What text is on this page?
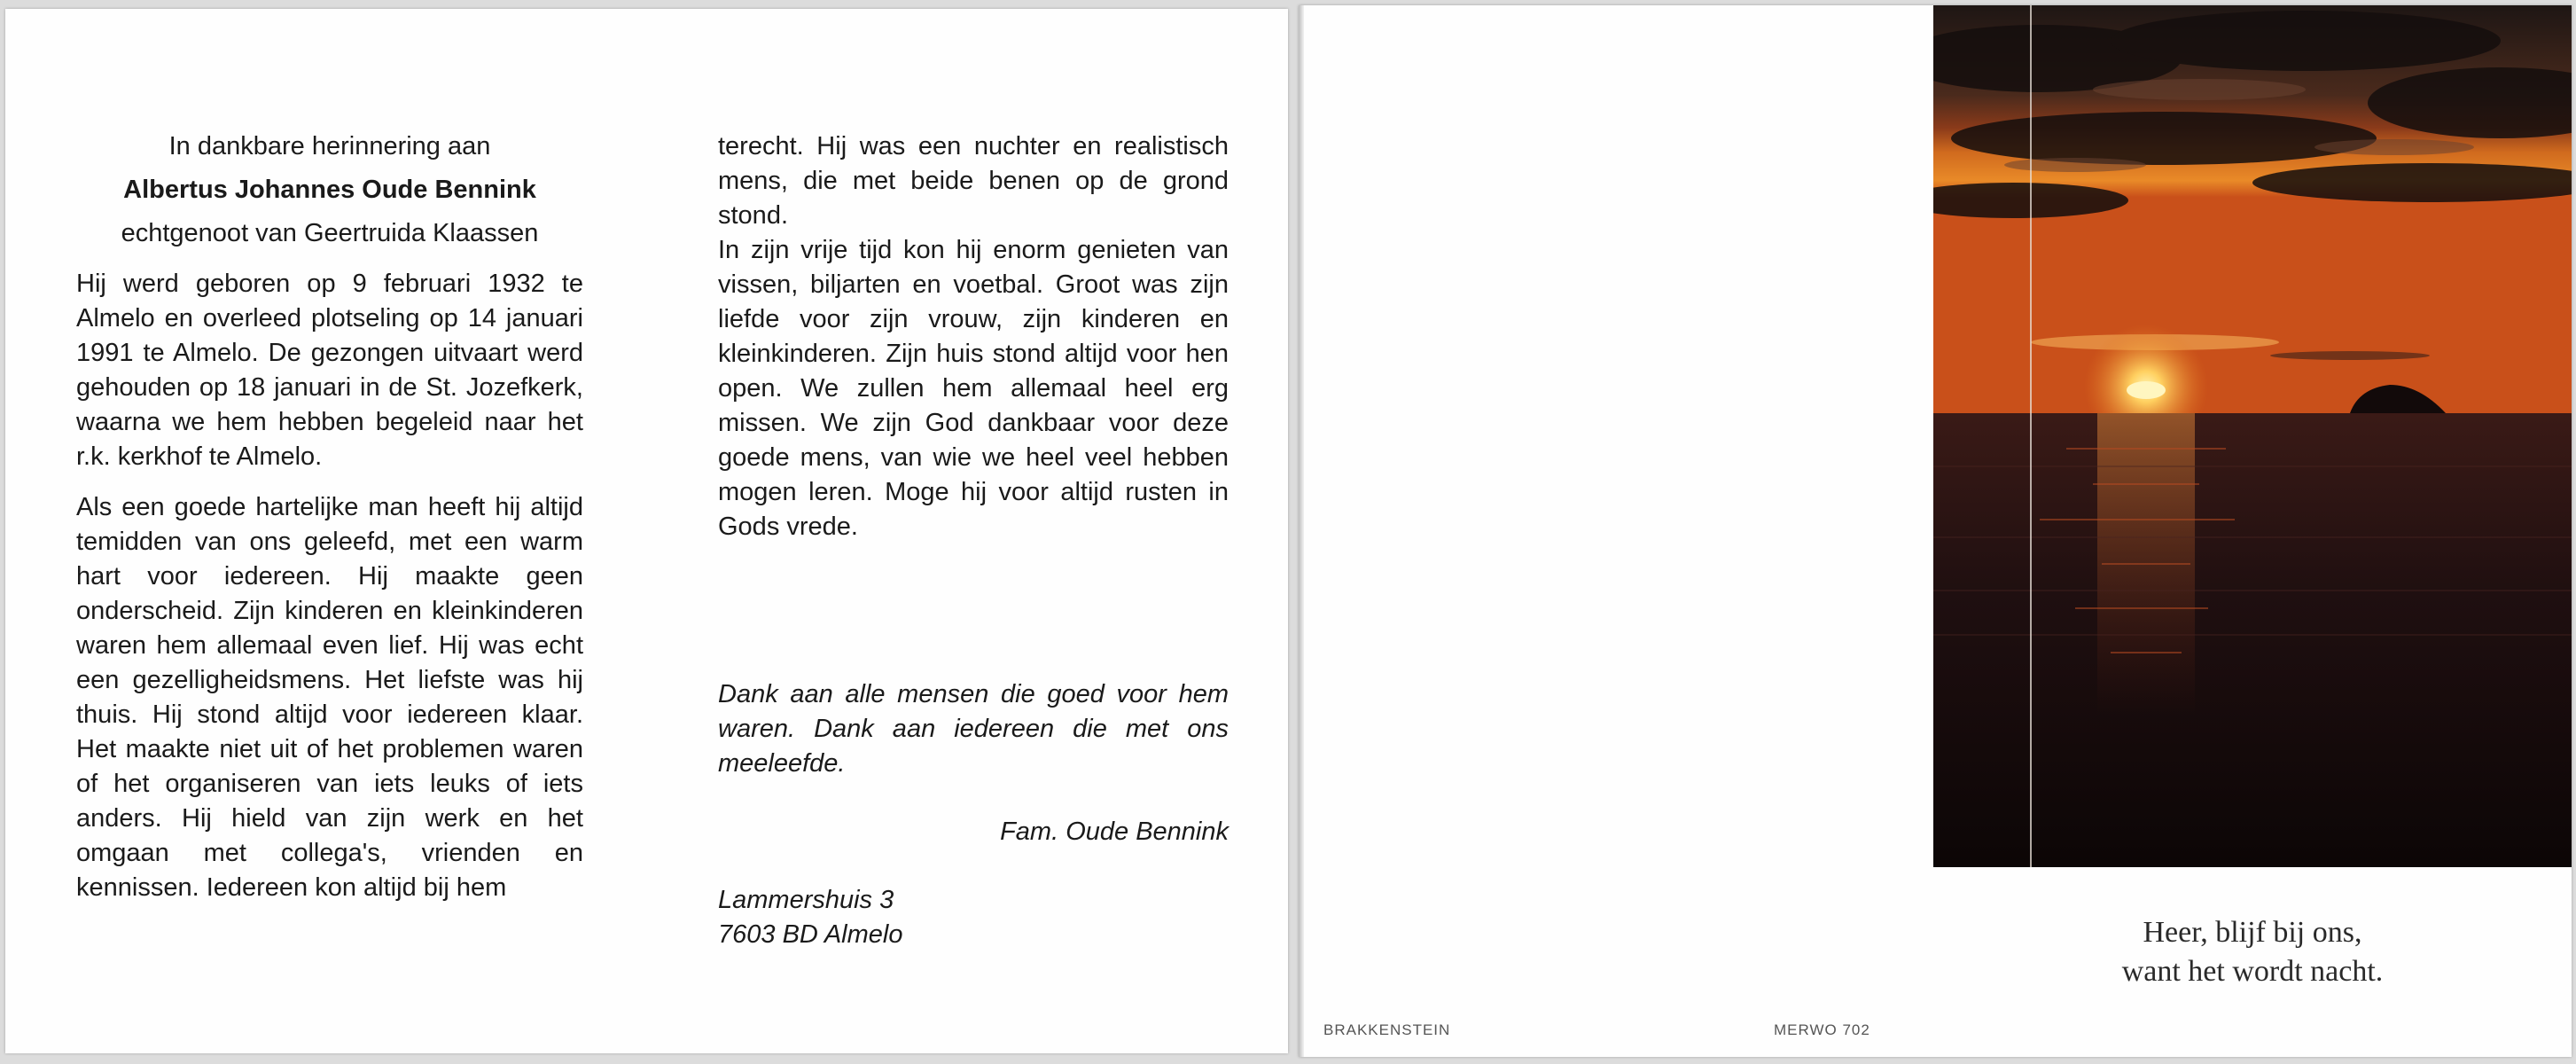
In dankbare herinnering aan
Albertus Johannes Oude Bennink
echtgenoot van Geertruida Klaassen

Hij werd geboren op 9 februari 1932 te Almelo en overleed plotseling op 14 januari 1991 te Almelo. De gezongen uitvaart werd gehouden op 18 januari in de St. Jozefkerk, waarna we hem hebben begeleid naar het r.k. kerkhof te Almelo.

Als een goede hartelijke man heeft hij altijd temidden van ons geleefd, met een warm hart voor iedereen. Hij maakte geen onderscheid. Zijn kinderen en kleinkinderen waren hem allemaal even lief. Hij was echt een gezelligheidsmens. Het liefste was hij thuis. Hij stond altijd voor iedereen klaar. Het maakte niet uit of het problemen waren of het organiseren van iets leuks of iets anders. Hij hield van zijn werk en het omgaan met collega's, vrienden en kennissen. Iedereen kon altijd bij hem

terecht. Hij was een nuchter en realistisch mens, die met beide benen op de grond stond.

In zijn vrije tijd kon hij enorm genieten van vissen, biljarten en voetbal. Groot was zijn liefde voor zijn vrouw, zijn kinderen en kleinkinderen. Zijn huis stond altijd voor hen open. We zullen hem allemaal heel erg missen. We zijn God dankbaar voor deze goede mens, van wie we heel veel hebben mogen leren. Moge hij voor altijd rusten in Gods vrede.

Dank aan alle mensen die goed voor hem waren. Dank aan iedereen die met ons meeleefde.

Fam. Oude Bennink
Lammershuis 3
7603 BD Almelo	Heer, blijf bij ons,
want het wordt nacht.
BRAKKENSTEIN	MERWO 702
